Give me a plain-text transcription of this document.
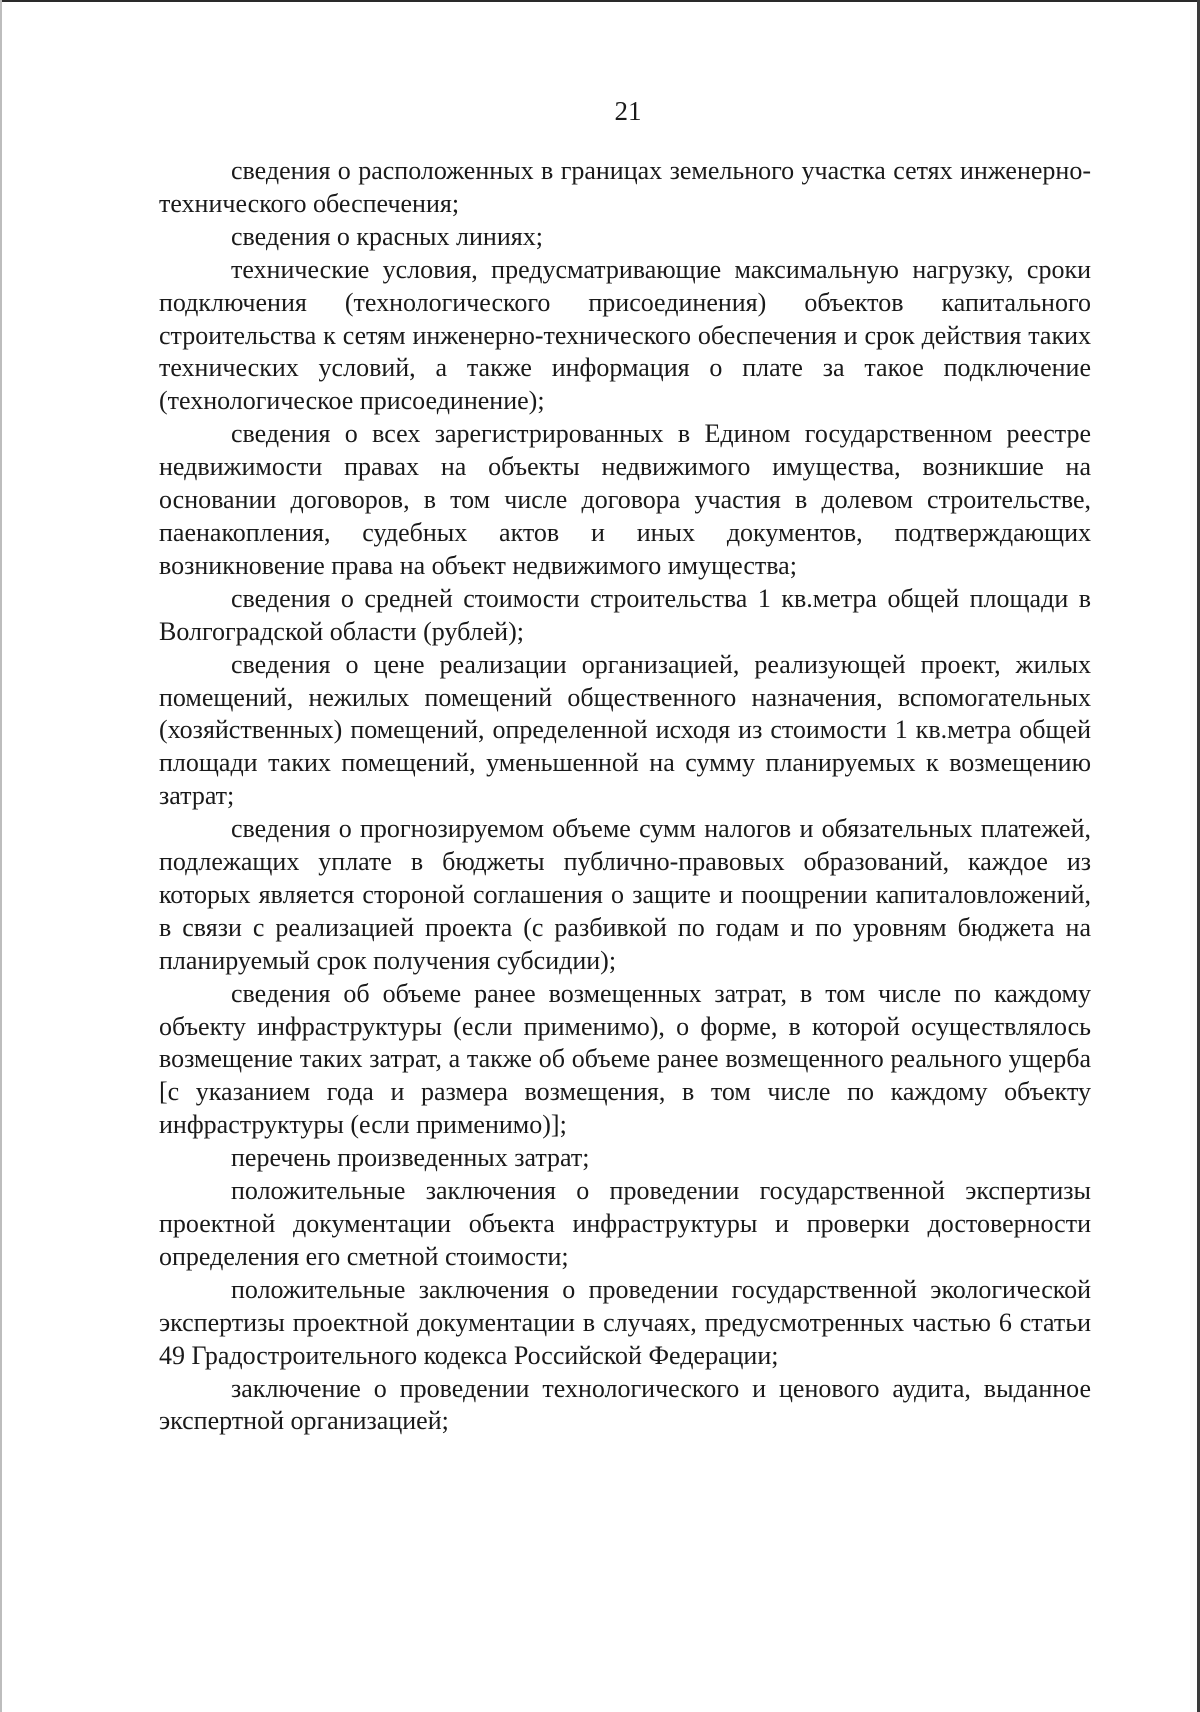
21

сведения о расположенных в границах земельного участка сетях инженерно-технического обеспечения;

сведения о красных линиях;

технические условия, предусматривающие максимальную нагрузку, сроки подключения (технологического присоединения) объектов капитального строительства к сетям инженерно-технического обеспечения и срок действия таких технических условий, а также информация о плате за такое подключение (технологическое присоединение);

сведения о всех зарегистрированных в Едином государственном реестре недвижимости правах на объекты недвижимого имущества, возникшие на основании договоров, в том числе договора участия в долевом строительстве, паенакопления, судебных актов и иных документов, подтверждающих возникновение права на объект недвижимого имущества;

сведения о средней стоимости строительства 1 кв.метра общей площади в Волгоградской области (рублей);

сведения о цене реализации организацией, реализующей проект, жилых помещений, нежилых помещений общественного назначения, вспомогательных (хозяйственных) помещений, определенной исходя из стоимости 1 кв.метра общей площади таких помещений, уменьшенной на сумму планируемых к возмещению затрат;

сведения о прогнозируемом объеме сумм налогов и обязательных платежей, подлежащих уплате в бюджеты публично-правовых образований, каждое из которых является стороной соглашения о защите и поощрении капиталовложений, в связи с реализацией проекта (с разбивкой по годам и по уровням бюджета на планируемый срок получения субсидии);

сведения об объеме ранее возмещенных затрат, в том числе по каждому объекту инфраструктуры (если применимо), о форме, в которой осуществлялось возмещение таких затрат, а также об объеме ранее возмещенного реального ущерба [с указанием года и размера возмещения, в том числе по каждому объекту инфраструктуры (если применимо)];

перечень произведенных затрат;

положительные заключения о проведении государственной экспертизы проектной документации объекта инфраструктуры и проверки достоверности определения его сметной стоимости;

положительные заключения о проведении государственной экологической экспертизы проектной документации в случаях, предусмотренных частью 6 статьи 49 Градостроительного кодекса Российской Федерации;

заключение о проведении технологического и ценового аудита, выданное экспертной организацией;
